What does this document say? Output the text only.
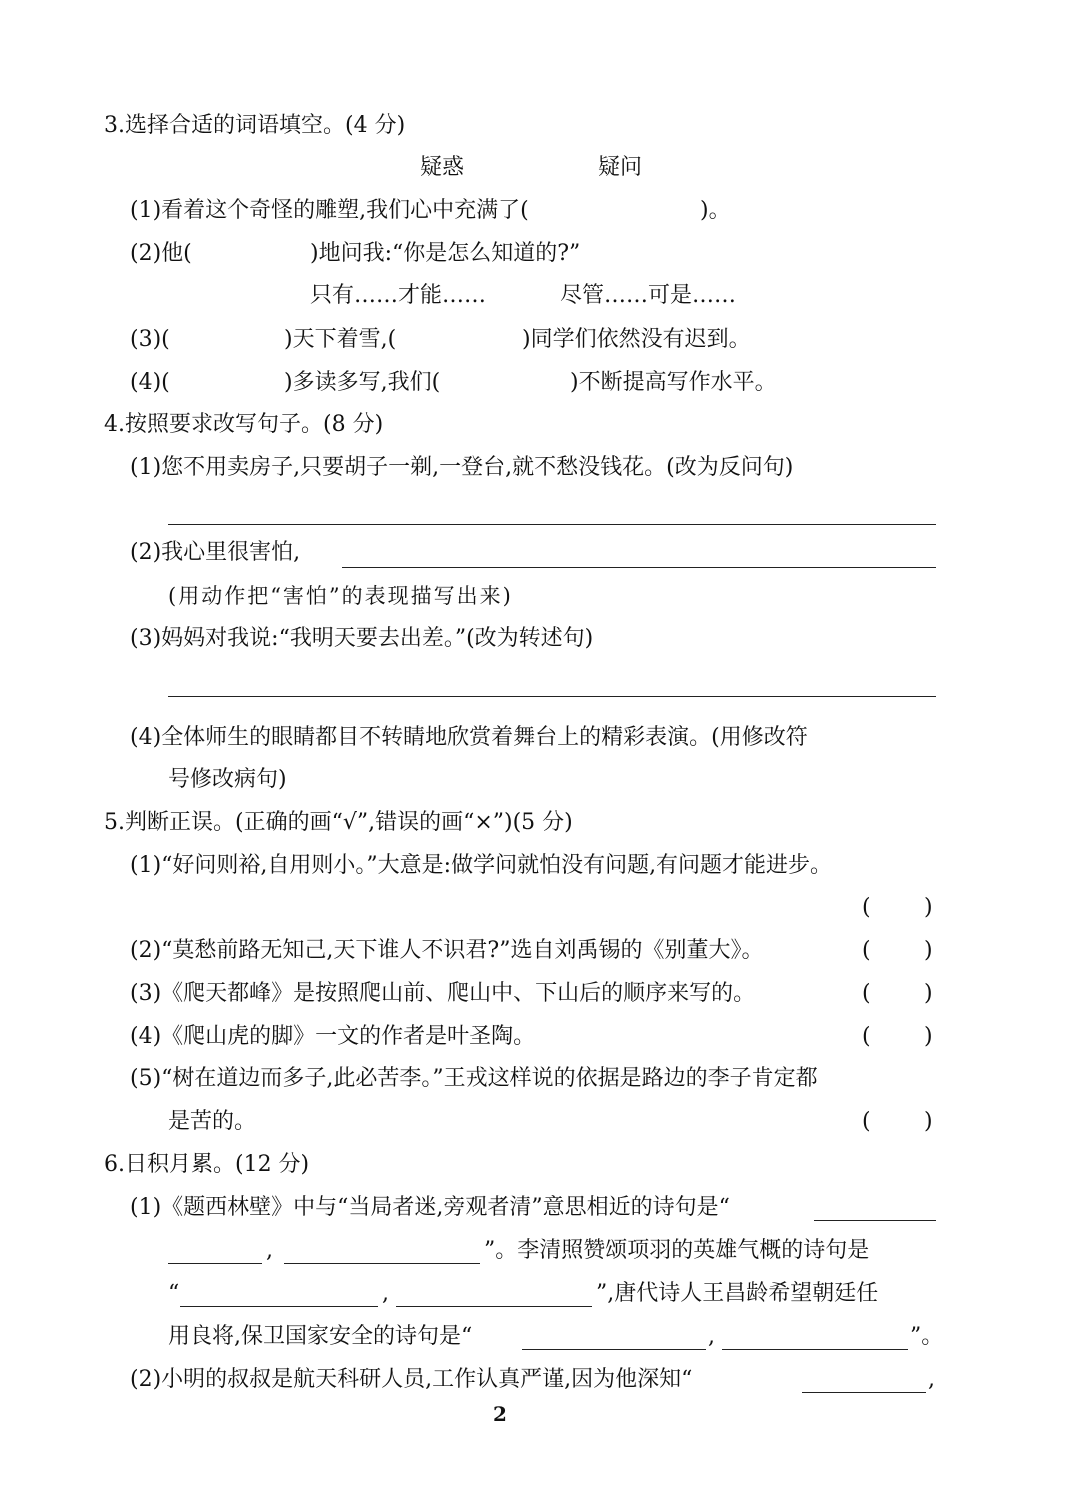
3.选择合适的词语填空。(4 分)
疑惑	疑问
(1)看着这个奇怪的雕塑,我们心中充满了(	)。
(2)他(	)地问我:“你是怎么知道的?”
只有……才能……	尽管……可是……
(3)(	)天下着雪,(	)同学们依然没有迟到。
(4)(	)多读多写,我们(	)不断提高写作水平。
4.按照要求改写句子。(8 分)
(1)您不用卖房子,只要胡子一剃,一登台,就不愁没钱花。(改为反问句)
(2)我心里很害怕,
(用动作把“害怕”的表现描写出来)
(3)妈妈对我说:“我明天要去出差。”(改为转述句)
(4)全体师生的眼睛都目不转睛地欣赏着舞台上的精彩表演。(用修改符
号修改病句)
5.判断正误。(正确的画“√”,错误的画“×”)(5 分)
(1)“好问则裕,自用则小。”大意是:做学问就怕没有问题,有问题才能进步。
( )
(2)“莫愁前路无知己,天下谁人不识君?”选自刘禹锡的《别董大》。	( )
(3)《爬天都峰》是按照爬山前、爬山中、下山后的顺序来写的。	( )
(4)《爬山虎的脚》一文的作者是叶圣陶。	( )
(5)“树在道边而多子,此必苦李。”王戎这样说的依据是路边的李子肯定都
是苦的。	( )
6.日积月累。(12 分)
(1)《题西林壁》中与“当局者迷,旁观者清”意思相近的诗句是“
,	”。李清照赞颂项羽的英雄气概的诗句是
“	,	”,唐代诗人王昌龄希望朝廷任
用良将,保卫国家安全的诗句是“	,	”。
(2)小明的叔叔是航天科研人员,工作认真严谨,因为他深知“	,
2
